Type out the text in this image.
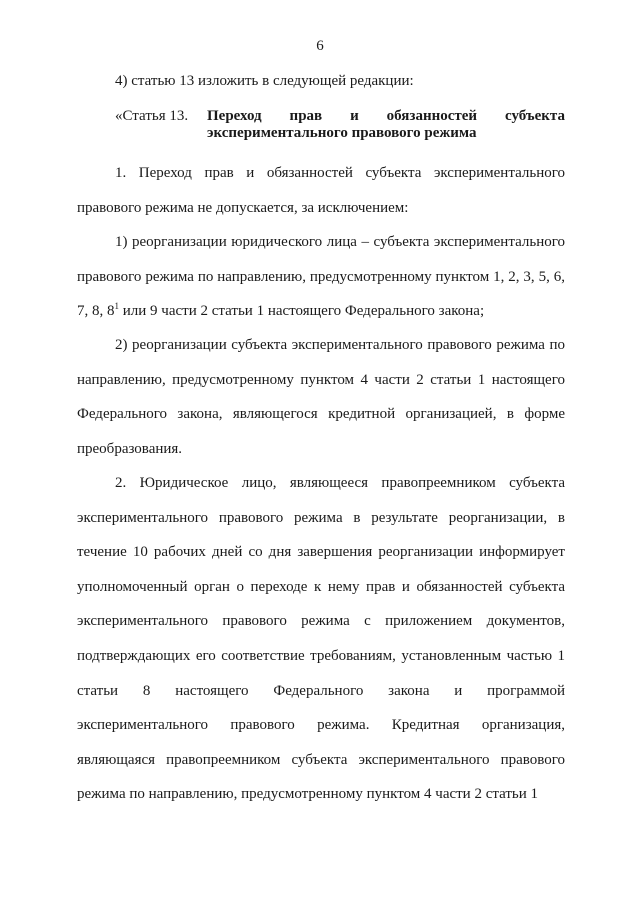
6

4) статью 13 изложить в следующей редакции:

«Статья 13.	Переход прав и обязанностей субъекта экспериментального правового режима

1. Переход прав и обязанностей субъекта экспериментального правового режима не допускается, за исключением:

1) реорганизации юридического лица – субъекта экспериментального правового режима по направлению, предусмотренному пунктом 1, 2, 3, 5, 6, 7, 8, $8^1$ или 9 части 2 статьи 1 настоящего Федерального закона;

2) реорганизации субъекта экспериментального правового режима по направлению, предусмотренному пунктом 4 части 2 статьи 1 настоящего Федерального закона, являющегося кредитной организацией, в форме преобразования.

2. Юридическое лицо, являющееся правопреемником субъекта экспериментального правового режима в результате реорганизации, в течение 10 рабочих дней со дня завершения реорганизации информирует уполномоченный орган о переходе к нему прав и обязанностей субъекта экспериментального правового режима с приложением документов, подтверждающих его соответствие требованиям, установленным частью 1 статьи 8 настоящего Федерального закона и программой экспериментального правового режима. Кредитная организация, являющаяся правопреемником субъекта экспериментального правового режима по направлению, предусмотренному пунктом 4 части 2 статьи 1
